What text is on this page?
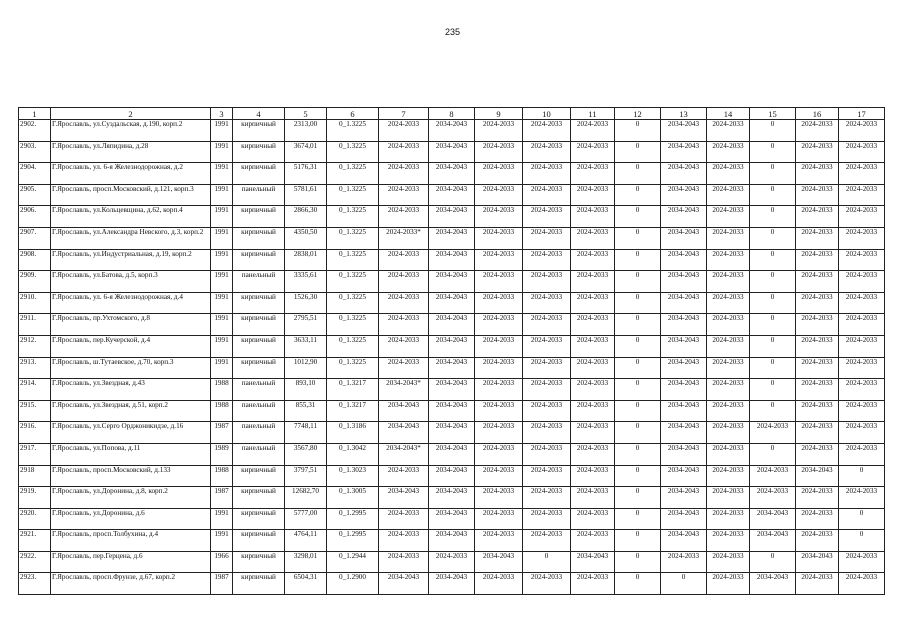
235
1	2	3	4	5	6	7	8	9	10	11	12	13	14	15	16	17
2902.	Г.Ярославль, ул.Суздальская, д.190, корп.2	1991	кирпичный	2313,00	0_1.3225	2024-2033	2034-2043	2024-2033	2024-2033	2024-2033	0	2034-2043	2024-2033	0	2024-2033	2024-2033
2903.	Г.Ярославль, ул.Ляпидина, д.28	1991	кирпичный	3674,01	0_1.3225	2024-2033	2034-2043	2024-2033	2024-2033	2024-2033	0	2034-2043	2024-2033	0	2024-2033	2024-2033
2904.	Г.Ярославль, ул. 6-я Железнодорожная, д.2	1991	кирпичный	5176,31	0_1.3225	2024-2033	2034-2043	2024-2033	2024-2033	2024-2033	0	2034-2043	2024-2033	0	2024-2033	2024-2033
2905.	Г.Ярославль, просп.Московский, д.121, корп.3	1991	панельный	5781,61	0_1.3225	2024-2033	2034-2043	2024-2033	2024-2033	2024-2033	0	2034-2043	2024-2033	0	2024-2033	2024-2033
2906.	Г.Ярославль, ул.Кольцевщина, д.62, корп.4	1991	кирпичный	2866,30	0_1.3225	2024-2033	2034-2043	2024-2033	2024-2033	2024-2033	0	2034-2043	2024-2033	0	2024-2033	2024-2033
2907.	Г.Ярославль, ул.Александра Невского, д.3, корп.2	1991	кирпичный	4350,50	0_1.3225	2024-2033*	2034-2043	2024-2033	2024-2033	2024-2033	0	2034-2043	2024-2033	0	2024-2033	2024-2033
2908.	Г.Ярославль, ул.Индустриальная, д.19, корп.2	1991	кирпичный	2838,01	0_1.3225	2024-2033	2034-2043	2024-2033	2024-2033	2024-2033	0	2034-2043	2024-2033	0	2024-2033	2024-2033
2909.	Г.Ярославль, ул.Батова, д.5, корп.3	1991	панельный	3335,61	0_1.3225	2024-2033	2034-2043	2024-2033	2024-2033	2024-2033	0	2034-2043	2024-2033	0	2024-2033	2024-2033
2910.	Г.Ярославль, ул. 6-я Железнодорожная, д.4	1991	кирпичный	1526,30	0_1.3225	2024-2033	2034-2043	2024-2033	2024-2033	2024-2033	0	2034-2043	2024-2033	0	2024-2033	2024-2033
2911.	Г.Ярославль, пр.Ухтомского, д.8	1991	кирпичный	2795,51	0_1.3225	2024-2033	2034-2043	2024-2033	2024-2033	2024-2033	0	2034-2043	2024-2033	0	2024-2033	2024-2033
2912.	Г.Ярославль, пер.Кучерской, д.4	1991	кирпичный	3633,11	0_1.3225	2024-2033	2034-2043	2024-2033	2024-2033	2024-2033	0	2034-2043	2024-2033	0	2024-2033	2024-2033
2913.	Г.Ярославль, ш.Тутаевское, д.70, корп.3	1991	кирпичный	1012,90	0_1.3225	2024-2033	2034-2043	2024-2033	2024-2033	2024-2033	0	2034-2043	2024-2033	0	2024-2033	2024-2033
2914.	Г.Ярославль, ул.Звездная, д.43	1988	панельный	893,10	0_1.3217	2034-2043*	2034-2043	2024-2033	2024-2033	2024-2033	0	2034-2043	2024-2033	0	2024-2033	2024-2033
2915.	Г.Ярославль, ул.Звездная, д.51, корп.2	1988	панельный	855,31	0_1.3217	2034-2043	2034-2043	2024-2033	2024-2033	2024-2033	0	2034-2043	2024-2033	0	2024-2033	2024-2033
2916.	Г.Ярославль, ул.Серго Орджоникидзе, д.16	1987	панельный	7748,11	0_1.3186	2034-2043	2034-2043	2024-2033	2024-2033	2024-2033	0	2034-2043	2024-2033	2024-2033	2024-2033	2024-2033
2917.	Г.Ярославль, ул.Попова, д.11	1989	панельный	3567,80	0_1.3042	2034-2043*	2034-2043	2024-2033	2024-2033	2024-2033	0	2034-2043	2024-2033	0	2024-2033	2024-2033
2918	Г.Ярославль, просп.Московский, д.133	1988	кирпичный	3797,51	0_1.3023	2024-2033	2034-2043	2024-2033	2024-2033	2024-2033	0	2034-2043	2024-2033	2024-2033	2034-2043	0
2919.	Г.Ярославль, ул.Доронина, д.8, корп.2	1987	кирпичный	12682,70	0_1.3005	2034-2043	2034-2043	2024-2033	2024-2033	2024-2033	0	2034-2043	2024-2033	2024-2033	2024-2033	2024-2033
2920.	Г.Ярославль, ул.Доронина, д.6	1991	кирпичный	5777,00	0_1.2995	2024-2033	2034-2043	2024-2033	2024-2033	2024-2033	0	2034-2043	2024-2033	2034-2043	2024-2033	0
2921.	Г.Ярославль, просп.Толбухина, д.4	1991	кирпичный	4764,11	0_1.2995	2024-2033	2034-2043	2024-2033	2024-2033	2024-2033	0	2034-2043	2024-2033	2034-2043	2024-2033	0
2922.	Г.Ярославль, пер.Герцена, д.6	1966	кирпичный	3298,01	0_1.2944	2024-2033	2024-2033	2034-2043	0	2034-2043	0	2024-2033	2024-2033	0	2034-2043	2024-2033
2923.	Г.Ярославль, просп.Фрунзе, д.67, корп.2	1987	кирпичный	6504,31	0_1.2900	2034-2043	2034-2043	2024-2033	2024-2033	2024-2033	0	0	2024-2033	2034-2043	2024-2033	2024-2033
